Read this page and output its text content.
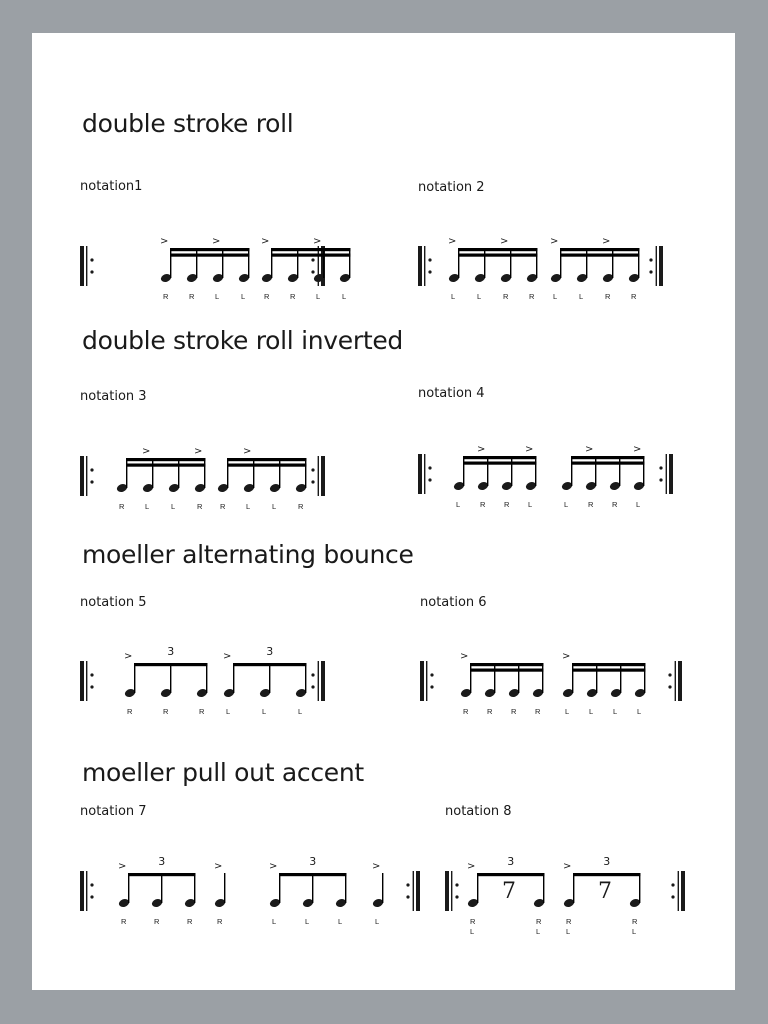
double stroke roll
double stroke roll inverted
moeller alternating bounce
moeller pull out accent
notation1	notation 2
notation 3	notation 4
notation 5	notation 6
notation 7	notation 8
>
R	R
>
L	L
>
R	R
>
L	L
>
L	L
>
R	R
>
L	L
>
R	R
R
>
L	L
>
R R
>
L	L	R	L
>
R R
>
L	L
>
R R
>
L
>
R	R	R
3	>
L	L	L
3	>
R R R R
>
L	L	L	L
>
R	R	R
3	>
R
>
L	L	L
3	>
L
>
R
L
7
R
L
3	>
R
L
7
R
L
3
